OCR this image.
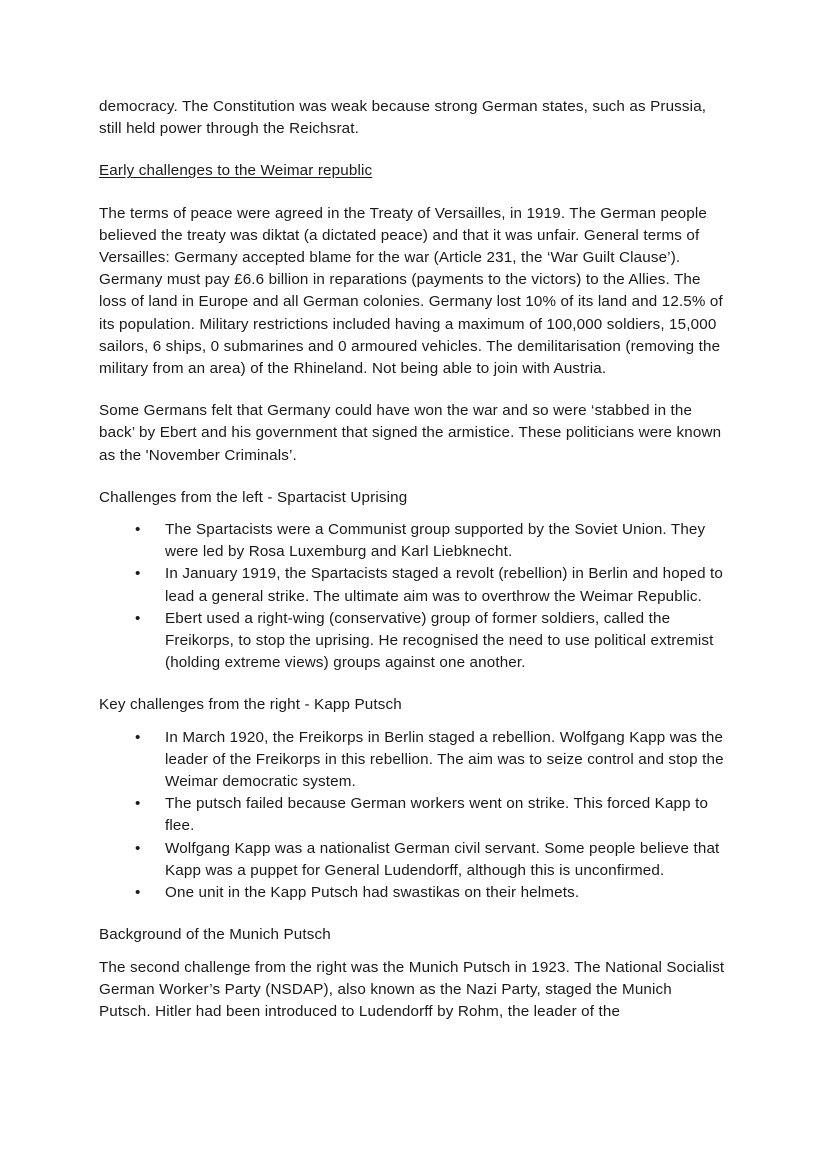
democracy. The Constitution was weak because strong German states, such as Prussia, still held power through the Reichsrat.

Early challenges to the Weimar republic

The terms of peace were agreed in the Treaty of Versailles, in 1919. The German people believed the treaty was diktat (a dictated peace) and that it was unfair. General terms of Versailles: Germany accepted blame for the war (Article 231, the ‘War Guilt Clause’). Germany must pay £6.6 billion in reparations (payments to the victors) to the Allies. The loss of land in Europe and all German colonies. Germany lost 10% of its land and 12.5% of its population. Military restrictions included having a maximum of 100,000 soldiers, 15,000 sailors, 6 ships, 0 submarines and 0 armoured vehicles. The demilitarisation (removing the military from an area) of the Rhineland. Not being able to join with Austria.

Some Germans felt that Germany could have won the war and so were ‘stabbed in the back’ by Ebert and his government that signed the armistice. These politicians were known as the 'November Criminals’.

Challenges from the left - Spartacist Uprising
• The Spartacists were a Communist group supported by the Soviet Union. They were led by Rosa Luxemburg and Karl Liebknecht.
• In January 1919, the Spartacists staged a revolt (rebellion) in Berlin and hoped to lead a general strike. The ultimate aim was to overthrow the Weimar Republic.
• Ebert used a right-wing (conservative) group of former soldiers, called the Freikorps, to stop the uprising. He recognised the need to use political extremist (holding extreme views) groups against one another.
Key challenges from the right - Kapp Putsch
• In March 1920, the Freikorps in Berlin staged a rebellion. Wolfgang Kapp was the leader of the Freikorps in this rebellion. The aim was to seize control and stop the Weimar democratic system.
• The putsch failed because German workers went on strike. This forced Kapp to flee.
• Wolfgang Kapp was a nationalist German civil servant. Some people believe that Kapp was a puppet for General Ludendorff, although this is unconfirmed.
• One unit in the Kapp Putsch had swastikas on their helmets.
Background of the Munich Putsch

The second challenge from the right was the Munich Putsch in 1923. The National Socialist German Worker’s Party (NSDAP), also known as the Nazi Party, staged the Munich Putsch. Hitler had been introduced to Ludendorff by Rohm, the leader of the
